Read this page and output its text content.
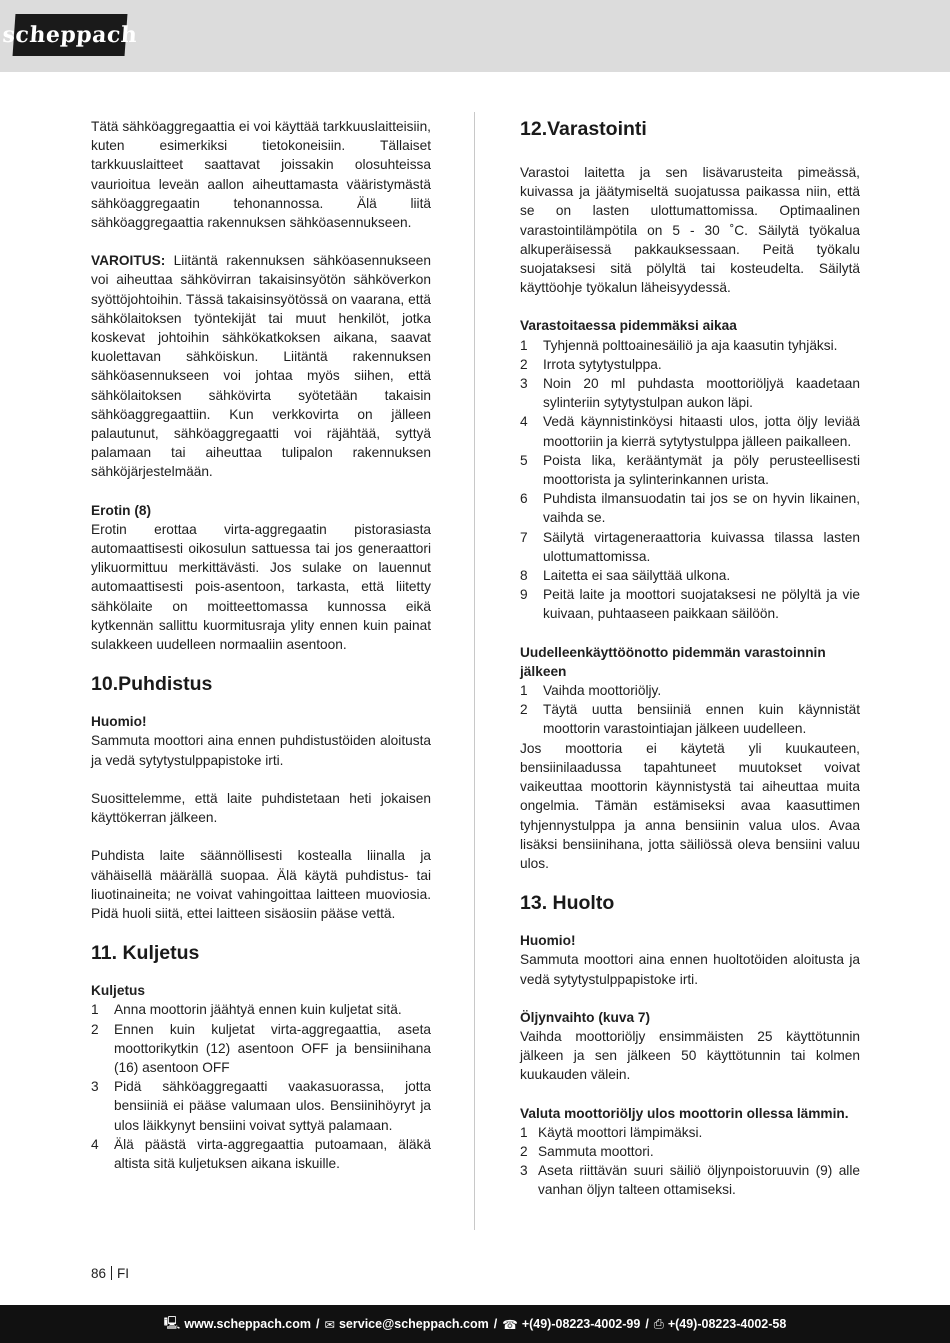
scheppach

Tätä sähköaggregaattia ei voi käyttää tarkkuuslaitteisiin, kuten esimerkiksi tietokoneisiin. Tällaiset tarkkuuslaitteet saattavat joissakin olosuhteissa vaurioitua leveän aallon aiheuttamasta vääristymästä sähköaggregaatin tehonannossa. Älä liitä sähköaggregaattia rakennuksen sähköasennukseen.

VAROITUS: Liitäntä rakennuksen sähköasennukseen voi aiheuttaa sähkövirran takaisinsyötön sähköverkon syöttöjohtoihin. Tässä takaisinsyötössä on vaarana, että sähkölaitoksen työntekijät tai muut henkilöt, jotka koskevat johtoihin sähkökatkoksen aikana, saavat kuolettavan sähköiskun. Liitäntä rakennuksen sähköasennukseen voi johtaa myös siihen, että sähkölaitoksen sähkövirta syötetään takaisin sähköaggregaattiin. Kun verkkovirta on jälleen palautunut, sähköaggregaatti voi räjähtää, syttyä palamaan tai aiheuttaa tulipalon rakennuksen sähköjärjestelmään.

Erotin (8)

Erotin erottaa virta-aggregaatin pistorasiasta automaattisesti oikosulun sattuessa tai jos generaattori ylikuormittuu merkittävästi. Jos sulake on lauennut automaattisesti pois-asentoon, tarkasta, että liitetty sähkölaite on moitteettomassa kunnossa eikä kytkennän sallittu kuormitusraja ylity ennen kuin painat sulakkeen uudelleen normaaliin asentoon.

10.Puhdistus

Huomio!

Sammuta moottori aina ennen puhdistustöiden aloitusta ja vedä sytytystulppapistoke irti.

Suosittelemme, että laite puhdistetaan heti jokaisen käyttökerran jälkeen.

Puhdista laite säännöllisesti kostealla liinalla ja vähäisellä määrällä suopaa. Älä käytä puhdistus- tai liuotinaineita; ne voivat vahingoittaa laitteen muoviosia. Pidä huoli siitä, ettei laitteen sisäosiin pääse vettä.

11. Kuljetus

Kuljetus

1	Anna moottorin jäähtyä ennen kuin kuljetat sitä.
2	Ennen kuin kuljetat virta-aggregaattia, aseta moottorikytkin (12) asentoon OFF ja bensiinihana (16) asentoon OFF
3	Pidä sähköaggregaatti vaakasuorassa, jotta bensiiniä ei pääse valumaan ulos. Bensiinihöyryt ja ulos läikkynyt bensiini voivat syttyä palamaan.
4	Älä päästä virta-aggregaattia putoamaan, äläkä altista sitä kuljetuksen aikana iskuille.
12.Varastointi

Varastoi laitetta ja sen lisävarusteita pimeässä, kuivassa ja jäätymiseltä suojatussa paikassa niin, että se on lasten ulottumattomissa. Optimaalinen varastointilämpötila on 5 - 30 ˚C. Säilytä työkalua alkuperäisessä pakkauksessaan. Peitä työkalu suojataksesi sitä pölyltä tai kosteudelta. Säilytä käyttöohje työkalun läheisyydessä.

Varastoitaessa pidemmäksi aikaa

1	Tyhjennä polttoainesäiliö ja aja kaasutin tyhjäksi.
2	Irrota sytytystulppa.
3	Noin 20 ml puhdasta moottoriöljyä kaadetaan sylinteriin sytytystulpan aukon läpi.
4	Vedä käynnistinköysi hitaasti ulos, jotta öljy leviää moottoriin ja kierrä sytytystulppa jälleen paikalleen.
5	Poista lika, kerääntymät ja pöly perusteellisesti moottorista ja sylinterinkannen urista.
6	Puhdista ilmansuodatin tai jos se on hyvin likainen, vaihda se.
7	Säilytä virtageneraattoria kuivassa tilassa lasten ulottumattomissa.
8	Laitetta ei saa säilyttää ulkona.
9	Peitä laite ja moottori suojataksesi ne pölyltä ja vie kuivaan, puhtaaseen paikkaan säilöön.

Uudelleenkäyttöönotto pidemmän varastoinnin jälkeen

1	Vaihda moottoriöljy.
2	Täytä uutta bensiiniä ennen kuin käynnistät moottorin varastointiajan jälkeen uudelleen.

Jos moottoria ei käytetä yli kuukauteen, bensiinilaadussa tapahtuneet muutokset voivat vaikeuttaa moottorin käynnistystä tai aiheuttaa muita ongelmia. Tämän estämiseksi avaa kaasuttimen tyhjennystulppa ja anna bensiinin valua ulos. Avaa lisäksi bensiinihana, jotta säiliössä oleva bensiini valuu ulos.

13. Huolto

Huomio!

Sammuta moottori aina ennen huoltotöiden aloitusta ja vedä sytytystulppapistoke irti.

Öljynvaihto (kuva 7)

Vaihda moottoriöljy ensimmäisten 25 käyttötunnin jälkeen ja sen jälkeen 50 käyttötunnin tai kolmen kuukauden välein.

Valuta moottoriöljy ulos moottorin ollessa lämmin.

1 Käytä moottori lämpimäksi.
2 Sammuta moottori.
3 Aseta riittävän suuri säiliö öljynpoistoruuvin (9) alle vanhan öljyn talteen ottamiseksi.
86 FI
🖳 www.scheppach.com / ✉ service@scheppach.com / ☎ +(49)-08223-4002-99 / ⎙ +(49)-08223-4002-58
